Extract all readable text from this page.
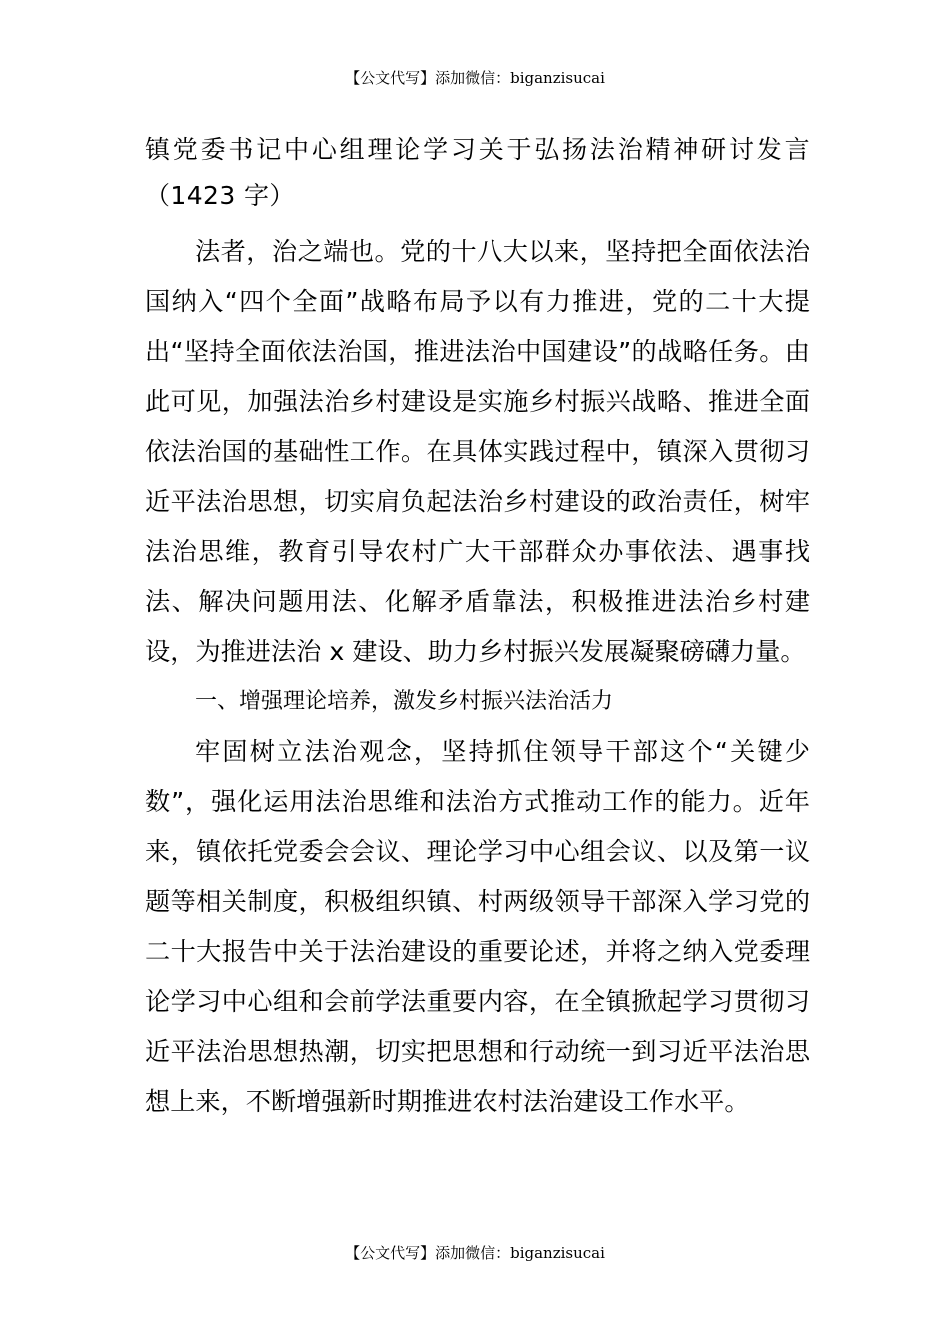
【公文代写】添加微信：biganzisucai
镇党委书记中心组理论学习关于弘扬法治精神研讨发言（1423 字）

法者，治之端也。党的十八大以来，坚持把全面依法治国纳入“四个全面”战略布局予以有力推进，党的二十大提出“坚持全面依法治国，推进法治中国建设”的战略任务。由此可见，加强法治乡村建设是实施乡村振兴战略、推进全面依法治国的基础性工作。在具体实践过程中，镇深入贯彻习近平法治思想，切实肩负起法治乡村建设的政治责任，树牢法治思维，教育引导农村广大干部群众办事依法、遇事找法、解决问题用法、化解矛盾靠法，积极推进法治乡村建设，为推进法治 x 建设、助力乡村振兴发展凝聚磅礴力量。

一、增强理论培养，激发乡村振兴法治活力

牢固树立法治观念，坚持抓住领导干部这个“关键少数”，强化运用法治思维和法治方式推动工作的能力。近年来，镇依托党委会会议、理论学习中心组会议、以及第一议题等相关制度，积极组织镇、村两级领导干部深入学习党的二十大报告中关于法治建设的重要论述，并将之纳入党委理论学习中心组和会前学法重要内容，在全镇掀起学习贯彻习近平法治思想热潮，切实把思想和行动统一到习近平法治思想上来，不断增强新时期推进农村法治建设工作水平。

【公文代写】添加微信：biganzisucai
